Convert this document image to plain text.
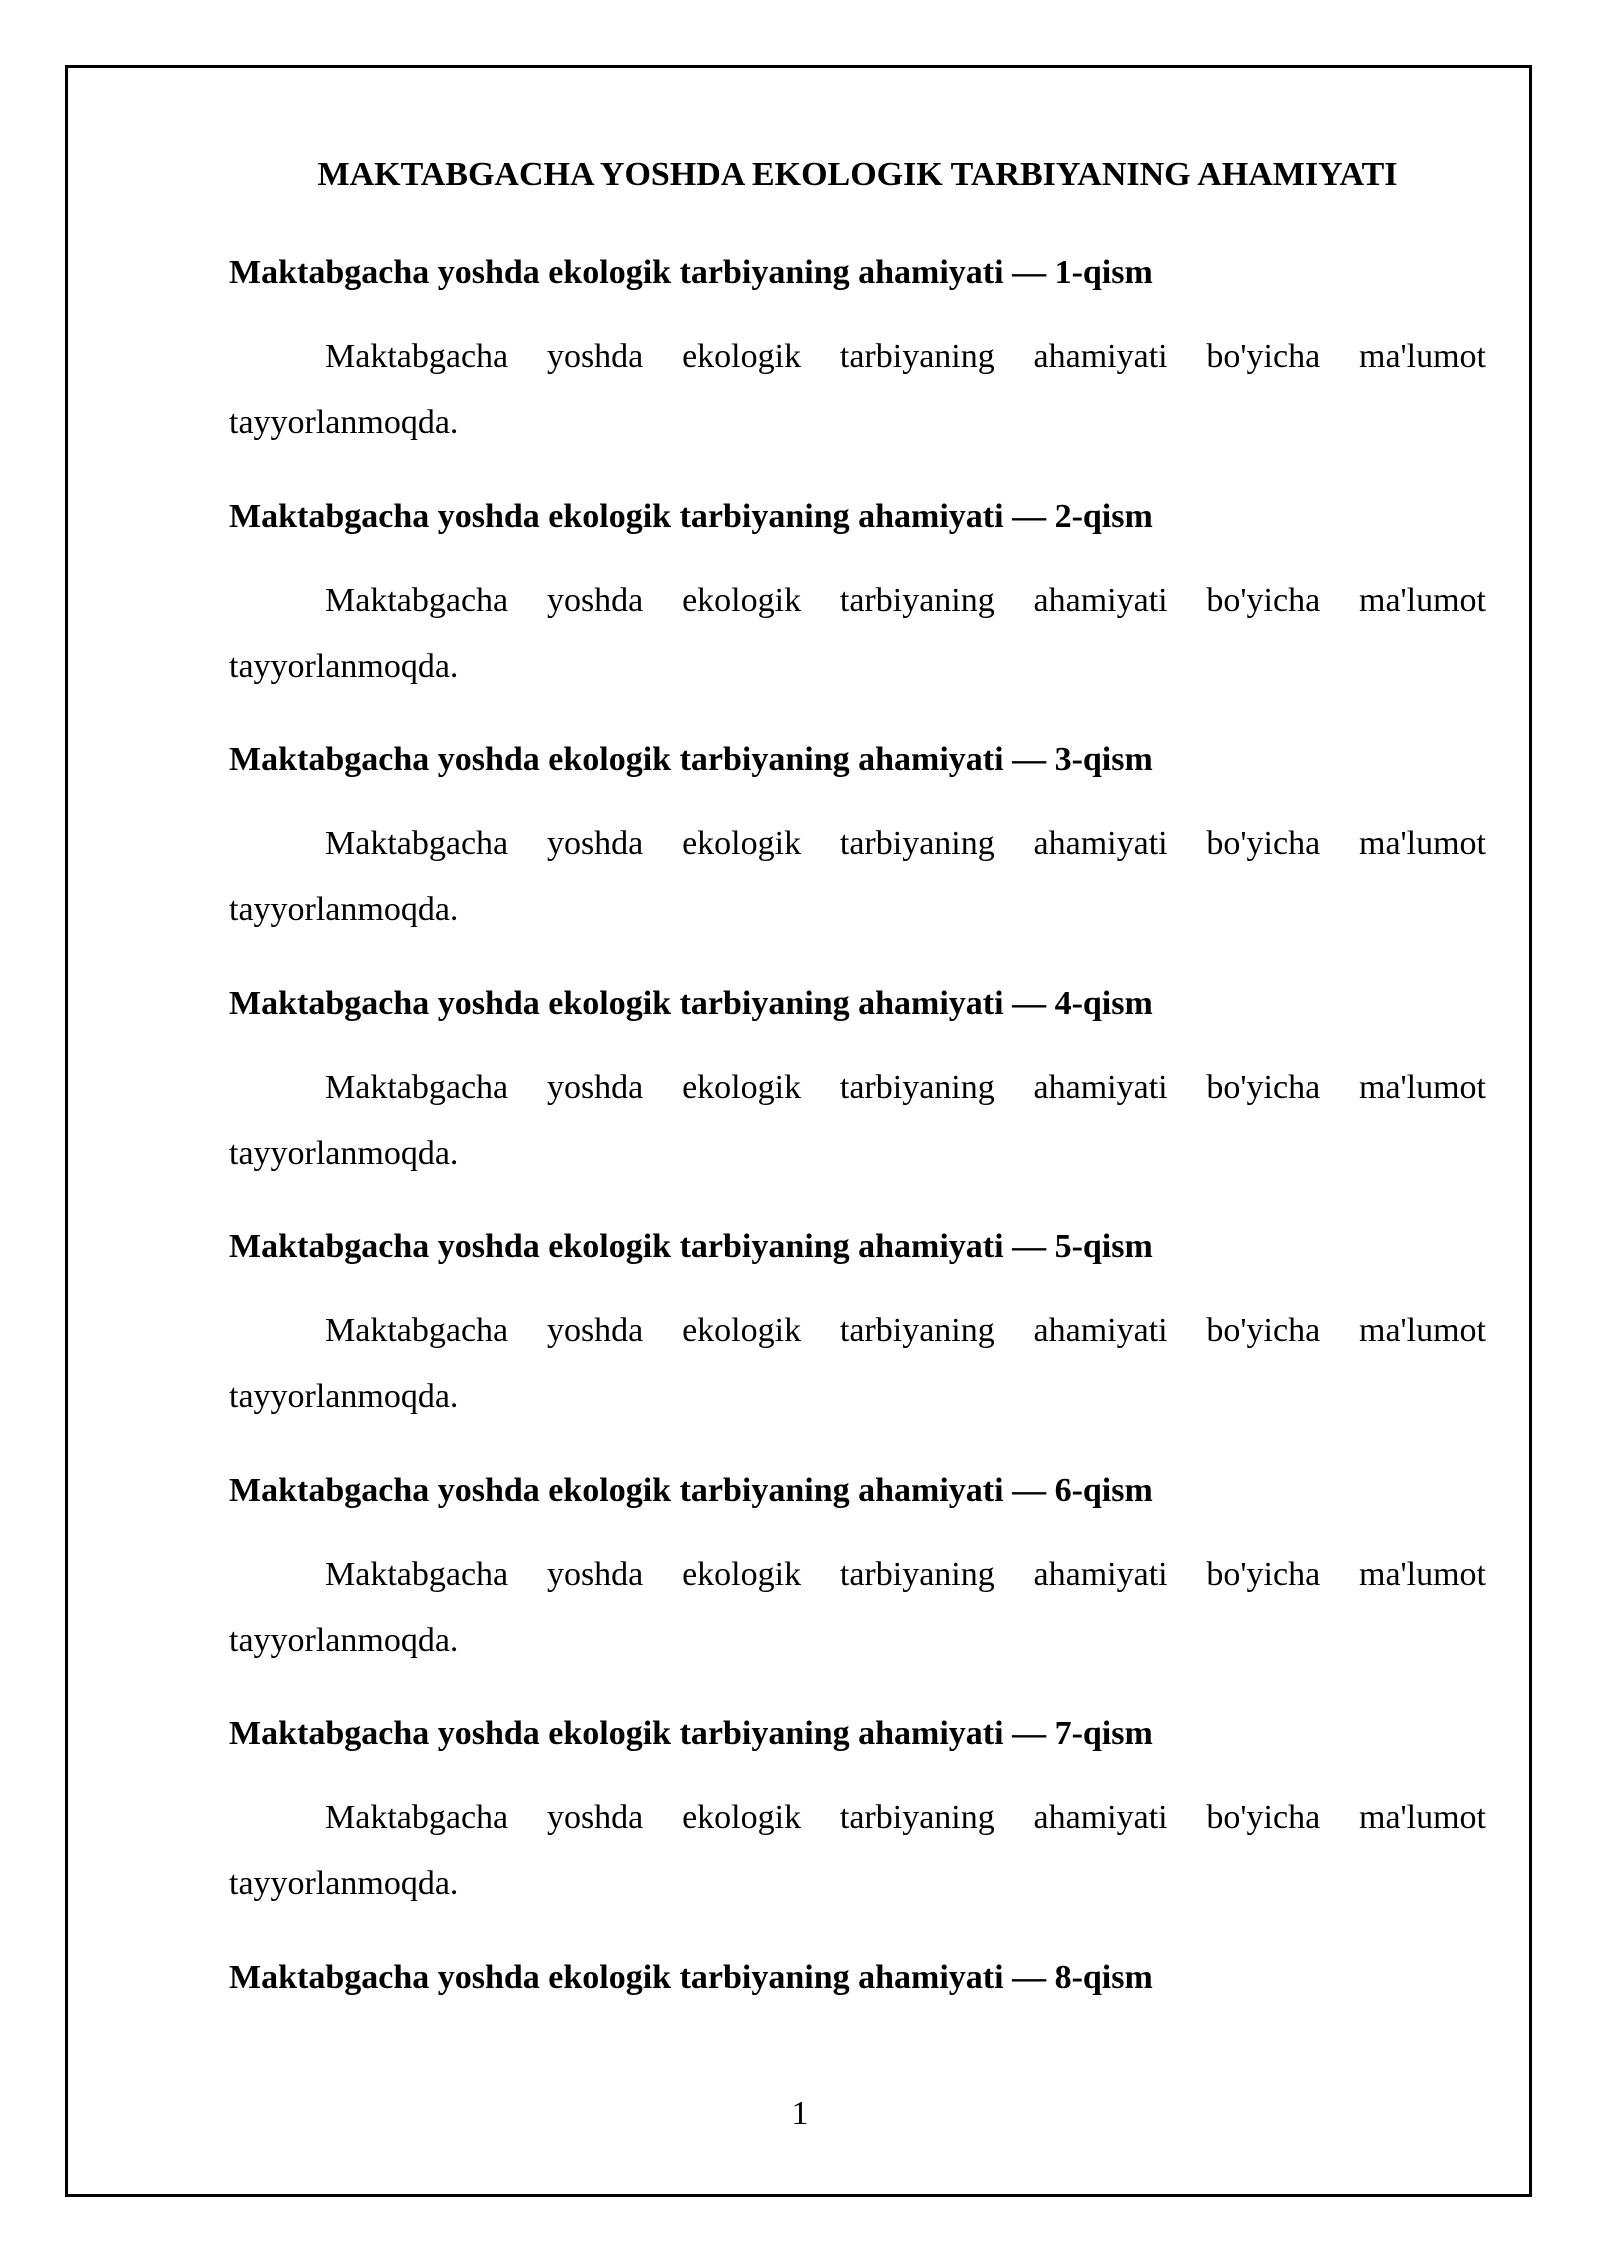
MAKTABGACHA YOSHDA EKOLOGIK TARBIYANING AHAMIYATI

Maktabgacha yoshda ekologik tarbiyaning ahamiyati — 1-qism

Maktabgacha yoshda ekologik tarbiyaning ahamiyati bo'yicha ma'lumot tayyorlanmoqda.

Maktabgacha yoshda ekologik tarbiyaning ahamiyati — 2-qism

Maktabgacha yoshda ekologik tarbiyaning ahamiyati bo'yicha ma'lumot tayyorlanmoqda.

Maktabgacha yoshda ekologik tarbiyaning ahamiyati — 3-qism

Maktabgacha yoshda ekologik tarbiyaning ahamiyati bo'yicha ma'lumot tayyorlanmoqda.

Maktabgacha yoshda ekologik tarbiyaning ahamiyati — 4-qism

Maktabgacha yoshda ekologik tarbiyaning ahamiyati bo'yicha ma'lumot tayyorlanmoqda.

Maktabgacha yoshda ekologik tarbiyaning ahamiyati — 5-qism

Maktabgacha yoshda ekologik tarbiyaning ahamiyati bo'yicha ma'lumot tayyorlanmoqda.

Maktabgacha yoshda ekologik tarbiyaning ahamiyati — 6-qism

Maktabgacha yoshda ekologik tarbiyaning ahamiyati bo'yicha ma'lumot tayyorlanmoqda.

Maktabgacha yoshda ekologik tarbiyaning ahamiyati — 7-qism

Maktabgacha yoshda ekologik tarbiyaning ahamiyati bo'yicha ma'lumot tayyorlanmoqda.

Maktabgacha yoshda ekologik tarbiyaning ahamiyati — 8-qism

1
